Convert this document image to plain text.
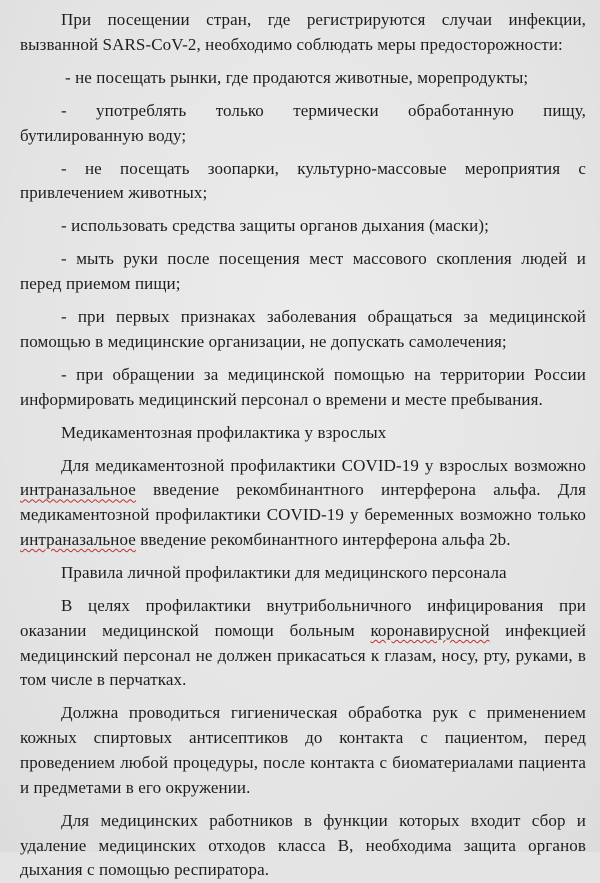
При посещении стран, где регистрируются случаи инфекции, вызванной SARS-CoV-2, необходимо соблюдать меры предосторожности:

- не посещать рынки, где продаются животные, морепродукты;

- употреблять только термически обработанную пищу, бутилированную воду;

- не посещать зоопарки, культурно-массовые мероприятия с привлечением животных;

- использовать средства защиты органов дыхания (маски);

- мыть руки после посещения мест массового скопления людей и перед приемом пищи;

- при первых признаках заболевания обращаться за медицинской помощью в медицинские организации, не допускать самолечения;

- при обращении за медицинской помощью на территории России информировать медицинский персонал о времени и месте пребывания.

Медикаментозная профилактика у взрослых

Для медикаментозной профилактики COVID-19 у взрослых возможно интраназальное введение рекомбинантного интерферона альфа. Для медикаментозной профилактики COVID-19 у беременных возможно только интраназальное введение рекомбинантного интерферона альфа 2b.

Правила личной профилактики для медицинского персонала

В целях профилактики внутрибольничного инфицирования при оказании медицинской помощи больным коронавирусной инфекцией медицинский персонал не должен прикасаться к глазам, носу, рту, руками, в том числе в перчатках.

Должна проводиться гигиеническая обработка рук с применением кожных спиртовых антисептиков до контакта с пациентом, перед проведением любой процедуры, после контакта с биоматериалами пациента и предметами в его окружении.

Для медицинских работников в функции которых входит сбор и удаление медицинских отходов класса В, необходима защита органов дыхания с помощью респиратора.
